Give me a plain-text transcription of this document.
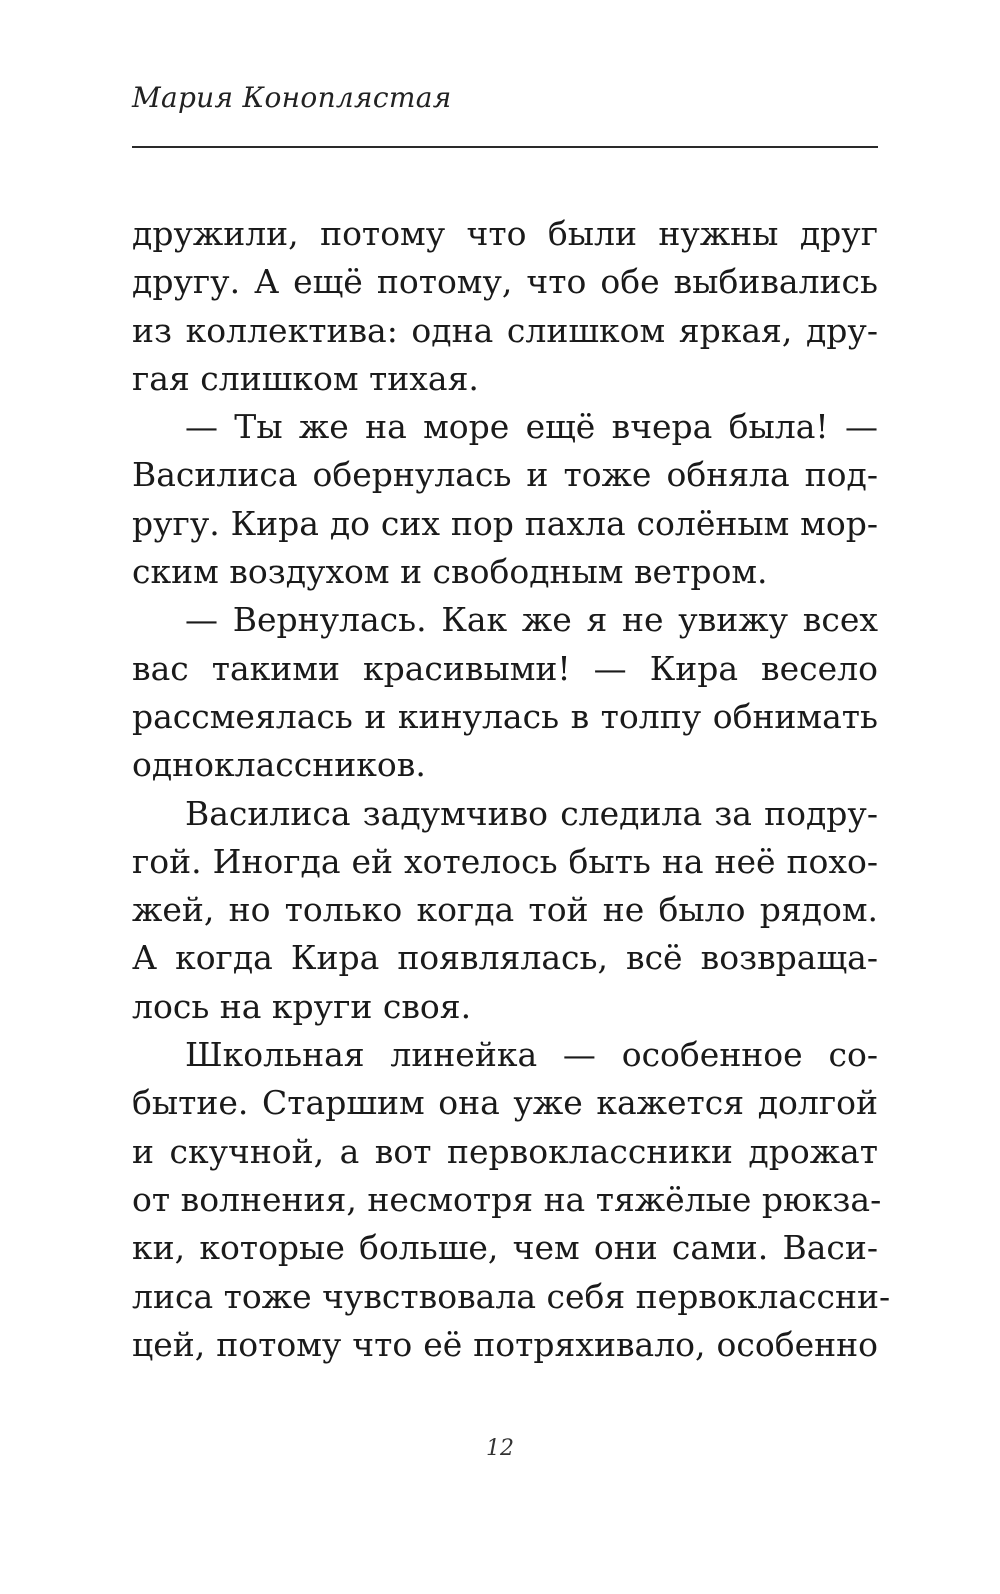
Мария Коноплястая
дружили, потому что были нужны друг
другу. А ещё потому, что обе выбивались
из коллектива: одна слишком яркая, дру-
гая слишком тихая.
— Ты же на море ещё вчера была! —
Василиса обернулась и тоже обняла под-
ругу. Кира до сих пор пахла солёным мор-
ским воздухом и свободным ветром.
— Вернулась. Как же я не увижу всех
вас такими красивыми! — Кира весело
рассмеялась и кинулась в толпу обнимать
одноклассников.
Василиса задумчиво следила за подру-
гой. Иногда ей хотелось быть на неё похо-
жей, но только когда той не было рядом.
А когда Кира появлялась, всё возвраща-
лось на круги своя.
Школьная линейка — особенное со-
бытие. Старшим она уже кажется долгой
и скучной, а вот первоклассники дрожат
от волнения, несмотря на тяжёлые рюкза-
ки, которые больше, чем они сами. Васи-
лиса тоже чувствовала себя первоклассни-
цей, потому что её потряхивало, особенно
12
